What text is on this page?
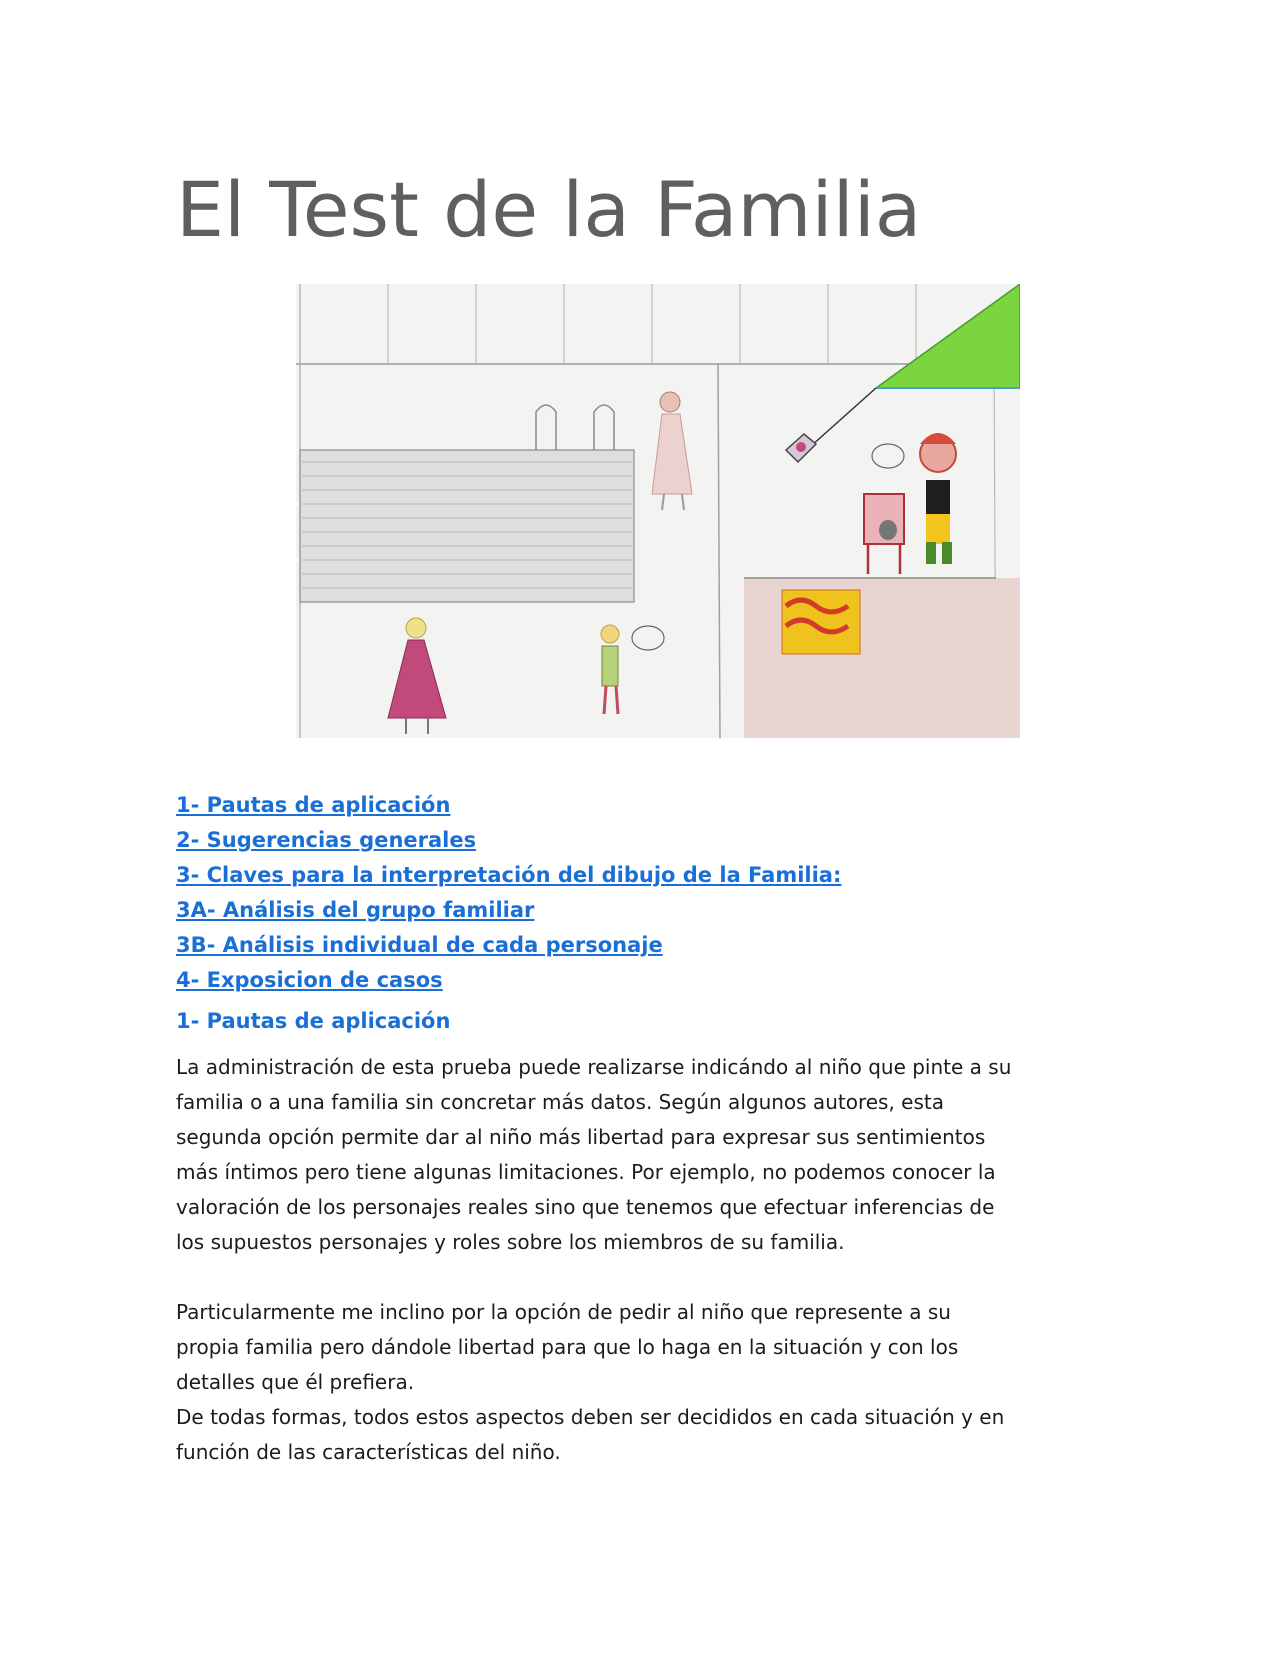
El Test de la Familia
1- Pautas de aplicación
2- Sugerencias generales
3- Claves para la interpretación del dibujo de la Familia:
3A- Análisis del grupo familiar
3B- Análisis individual de cada personaje
4- Exposicion de casos
1- Pautas de aplicación
La administración de esta prueba puede realizarse indicándo al niño que pinte a su
familia o a una familia sin concretar más datos. Según algunos autores, esta
segunda opción permite dar al niño más libertad para expresar sus sentimientos
más íntimos pero tiene algunas limitaciones. Por ejemplo, no podemos conocer la
valoración de los personajes reales sino que tenemos que efectuar inferencias de
los supuestos personajes y roles sobre los miembros de su familia.
Particularmente me inclino por la opción de pedir al niño que represente a su
propia familia pero dándole libertad para que lo haga en la situación y con los
detalles que él prefiera.
De todas formas, todos estos aspectos deben ser decididos en cada situación y en
función de las características del niño.
